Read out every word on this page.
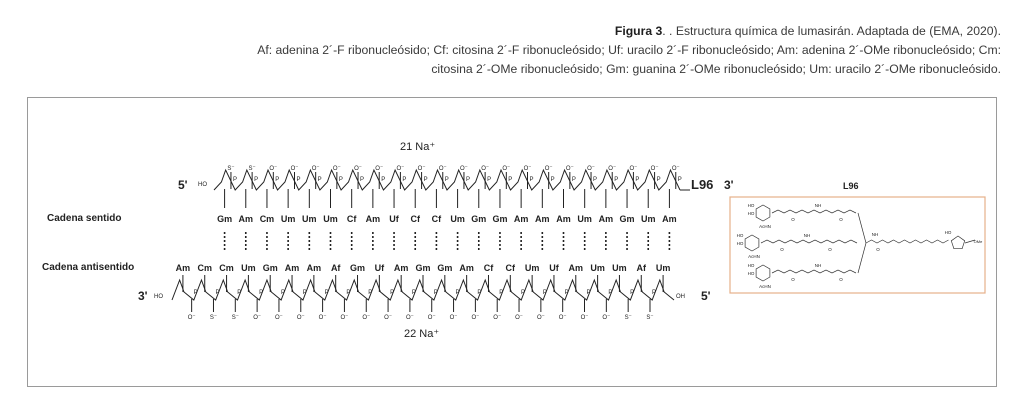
Figura 3. . Estructura química de lumasirán. Adaptada de (EMA, 2020).
Af: adenina 2´-F ribonucleósido; Cf: citosina 2´-F ribonucleósido; Uf: uracilo 2´-F ribonucleósido; Am: adenina 2´-OMe ribonucleósido; Cm: citosina 2´-OMe ribonucleósido; Gm: guanina 2´-OMe ribonucleósido; Um: uracilo 2´-OMe ribonucleósido.
S⁻
P
Gm
S⁻
P
Am
O⁻
P
Cm
O⁻
P
Um
O⁻
P
Um
O⁻
P
Um
O⁻
P
Cf
O⁻
P
Am
O⁻
P
Uf
O⁻
P
Cf
O⁻
P
Cf
O⁻
P
Um
O⁻
P
Gm
O⁻
P
Gm
O⁻
P
Am
O⁻
P
Am
O⁻
P
Am
O⁻
P
Um
O⁻
P
Am
O⁻
P
Gm
O⁻
P
Um
O⁻
P
Am
Am
P
O⁻
Cm
P
S⁻
Cm
P
S⁻
Um
P
O⁻
Gm
P
O⁻
Am
P
O⁻
Am
P
O⁻
Af
P
O⁻
Gm
P
O⁻
Uf
P
O⁻
Am
P
O⁻
Gm
P
O⁻
Gm
P
O⁻
Am
P
O⁻
Cf
P
O⁻
Cf
P
O⁻
Um
P
O⁻
Uf
P
O⁻
Am
P
O⁻
Um
P
O⁻
Um
P
S⁻
Af
P
S⁻
Um
21 Na⁺
22 Na⁺
Cadena sentido
Cadena antisentido
5' HO	L96 3'
3' HO	OH 5'
L96
HO
HO
AcHN
O
NH
O
HO
HO
AcHN
O
NH
O
HO
HO
AcHN
O
NH
O
O
NH	HO
OMe
